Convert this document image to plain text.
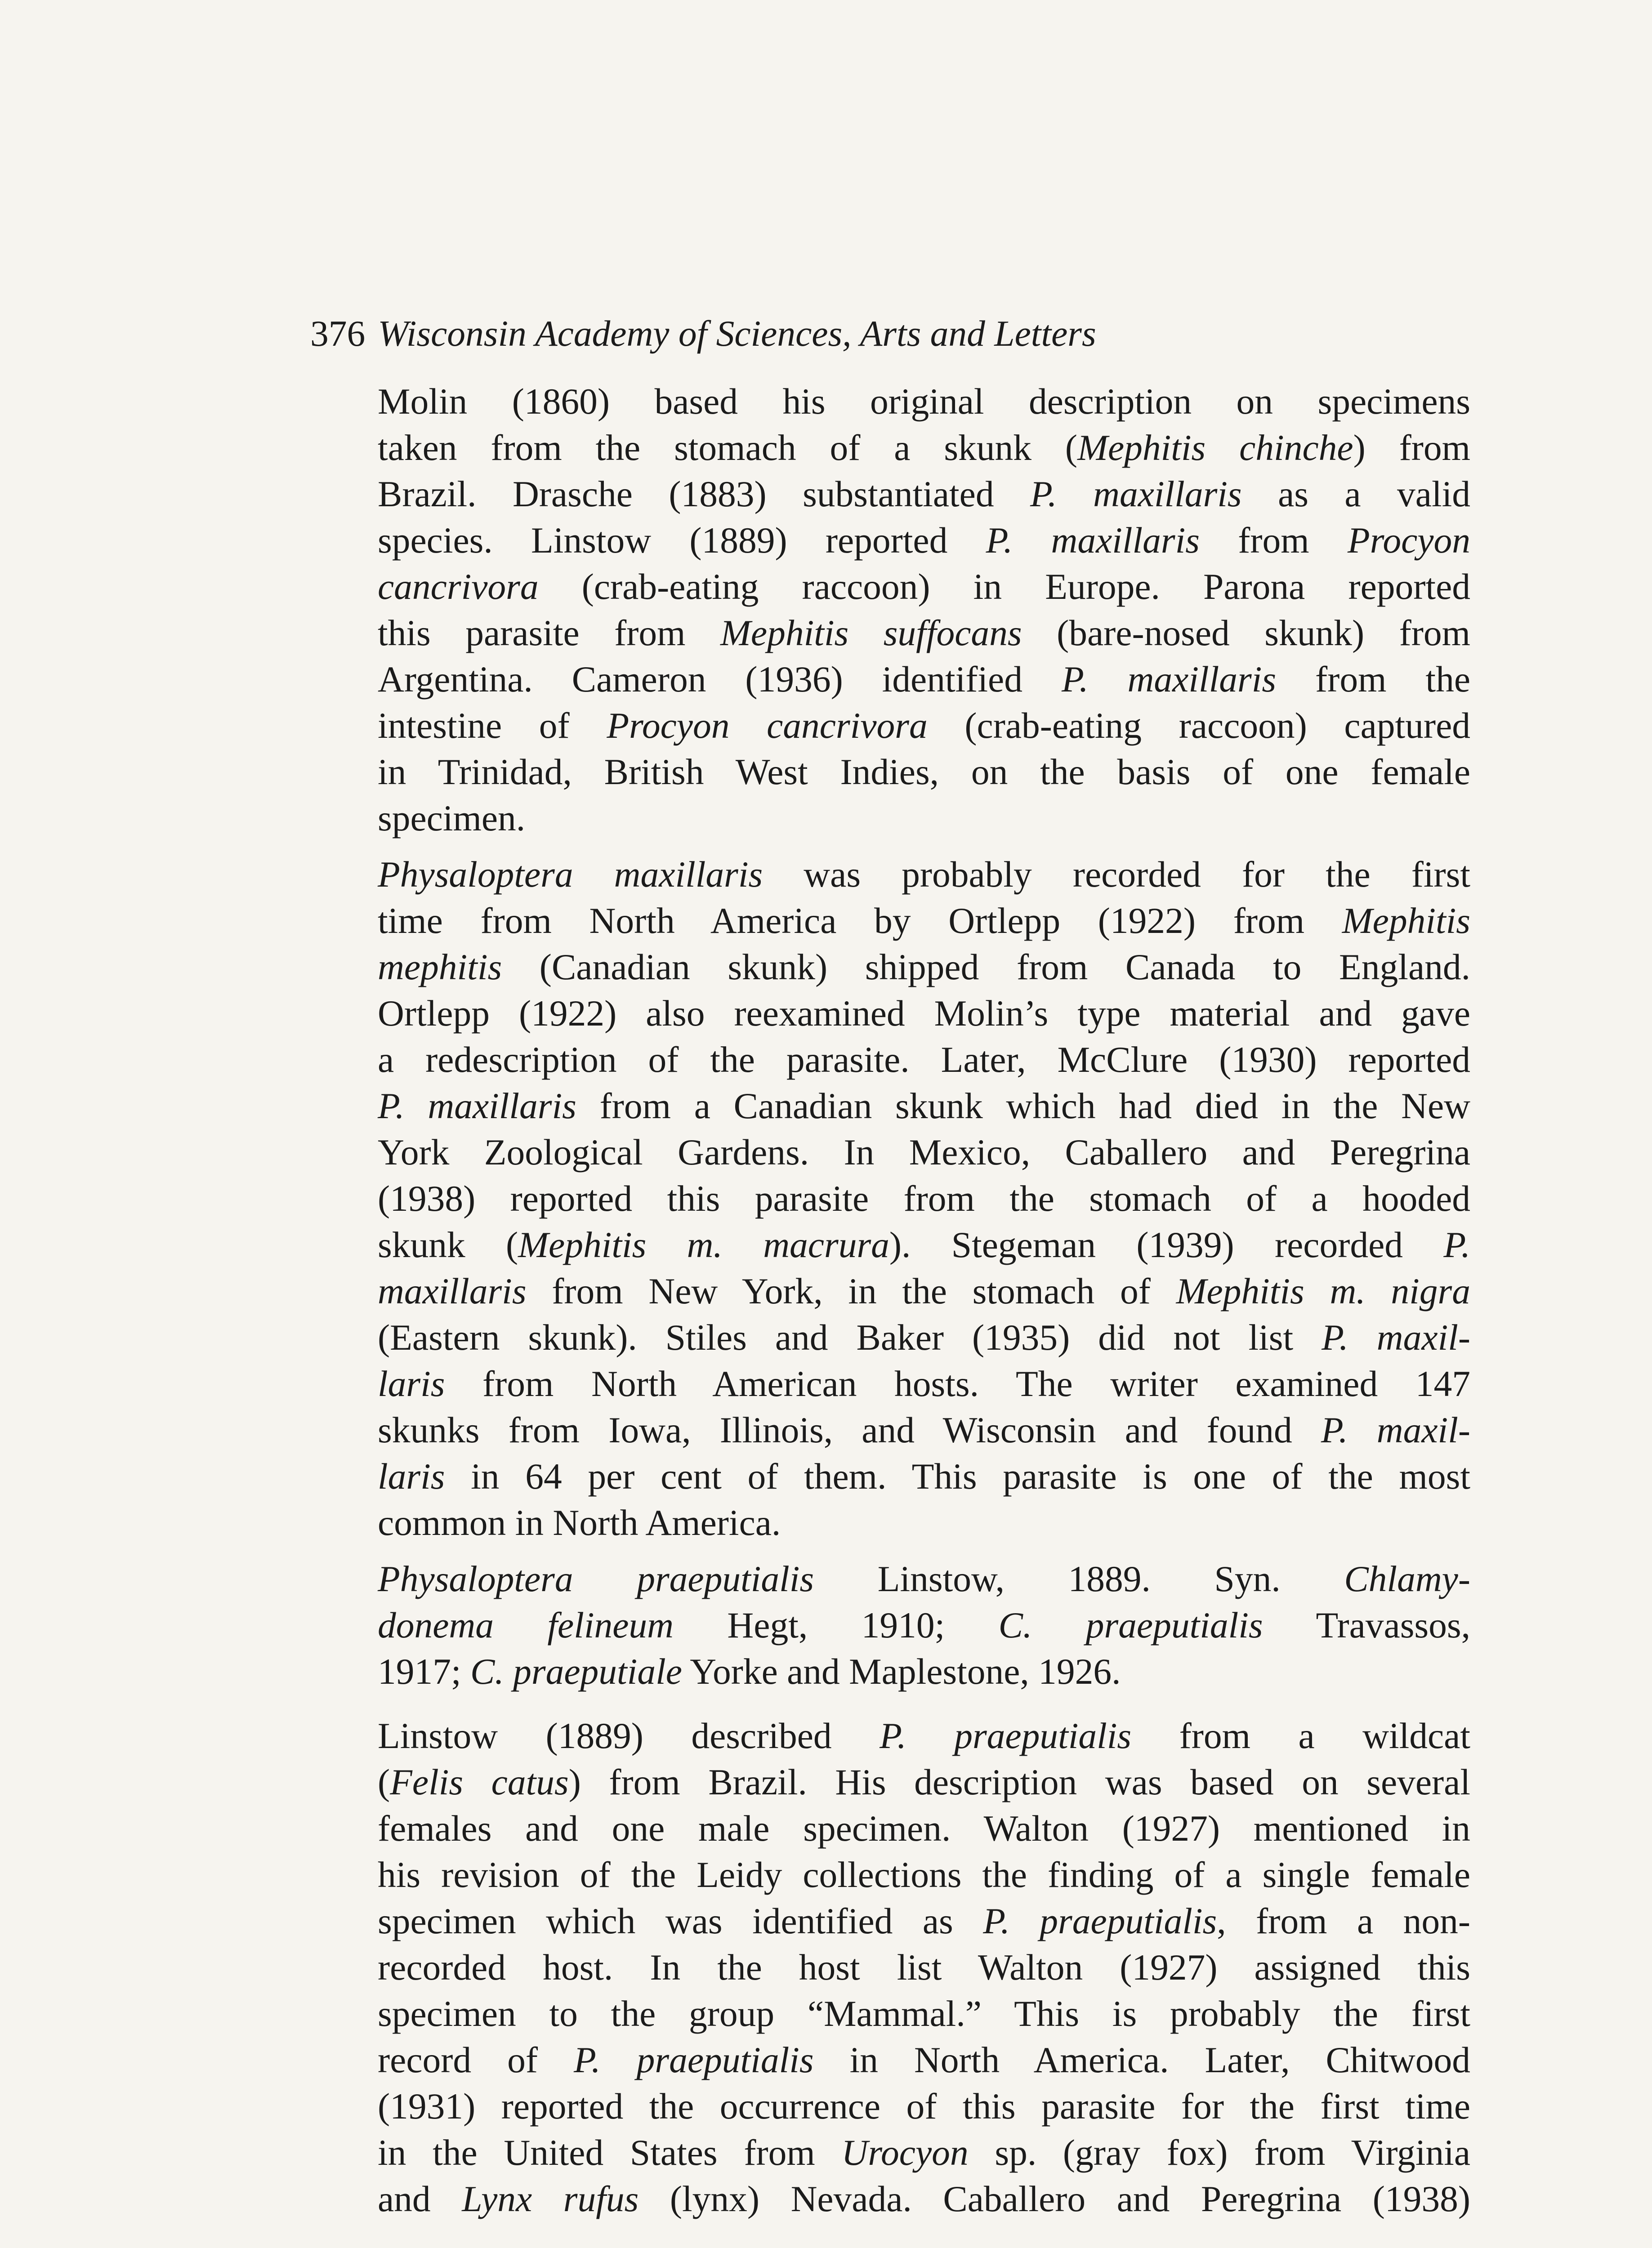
376 Wisconsin Academy of Sciences, Arts and Letters

Molin (1860) based his original description on specimens
taken from the stomach of a skunk (Mephitis chinche) from
Brazil. Drasche (1883) substantiated P. maxillaris as a valid
species. Linstow (1889) reported P. maxillaris from Procyon
cancrivora (crab-eating raccoon) in Europe. Parona reported
this parasite from Mephitis suffocans (bare-nosed skunk) from
Argentina. Cameron (1936) identified P. maxillaris from the
intestine of Procyon cancrivora (crab-eating raccoon) captured
in Trinidad, British West Indies, on the basis of one female
specimen.

Physaloptera maxillaris was probably recorded for the first
time from North America by Ortlepp (1922) from Mephitis
mephitis (Canadian skunk) shipped from Canada to England.
Ortlepp (1922) also reexamined Molin’s type material and gave
a redescription of the parasite. Later, McClure (1930) reported
P. maxillaris from a Canadian skunk which had died in the New
York Zoological Gardens. In Mexico, Caballero and Peregrina
(1938) reported this parasite from the stomach of a hooded
skunk (Mephitis m. macrura). Stegeman (1939) recorded P.
maxillaris from New York, in the stomach of Mephitis m. nigra
(Eastern skunk). Stiles and Baker (1935) did not list P. maxil-
laris from North American hosts. The writer examined 147
skunks from Iowa, Illinois, and Wisconsin and found P. maxil-
laris in 64 per cent of them. This parasite is one of the most
common in North America.

Physaloptera praeputialis Linstow, 1889. Syn. Chlamy-
donema felineum Hegt, 1910; C. praeputialis Travassos,
1917; C. praeputiale Yorke and Maplestone, 1926.

Linstow (1889) described P. praeputialis from a wildcat
(Felis catus) from Brazil. His description was based on several
females and one male specimen. Walton (1927) mentioned in
his revision of the Leidy collections the finding of a single female
specimen which was identified as P. praeputialis, from a non-
recorded host. In the host list Walton (1927) assigned this
specimen to the group “Mammal.” This is probably the first
record of P. praeputialis in North America. Later, Chitwood
(1931) reported the occurrence of this parasite for the first time
in the United States from Urocyon sp. (gray fox) from Virginia
and Lynx rufus (lynx) Nevada. Caballero and Peregrina (1938)
